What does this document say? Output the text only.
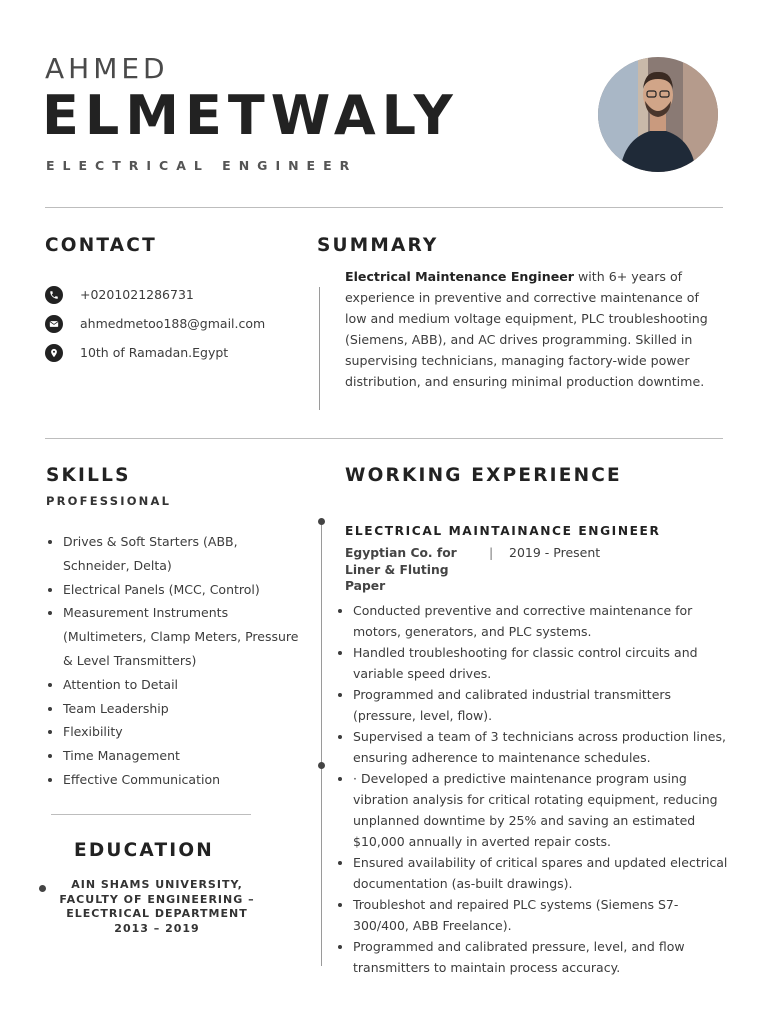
AHMED
ELMETWALY
ELECTRICAL ENGINEER
CONTACT
+0201021286731
ahmedmetoo188@gmail.com
10th of Ramadan.Egypt
SUMMARY
Electrical Maintenance Engineer with 6+ years of experience in preventive and corrective maintenance of low and medium voltage equipment, PLC troubleshooting (Siemens, ABB), and AC drives programming. Skilled in supervising technicians, managing factory-wide power distribution, and ensuring minimal production downtime.
SKILLS
PROFESSIONAL
• Drives & Soft Starters (ABB, Schneider, Delta)
• Electrical Panels (MCC, Control)
• Measurement Instruments (Multimeters, Clamp Meters, Pressure & Level Transmitters)
• Attention to Detail
• Team Leadership
• Flexibility
• Time Management
• Effective Communication
EDUCATION
AIN SHAMS UNIVERSITY,
FACULTY OF ENGINEERING –
ELECTRICAL DEPARTMENT
2013 – 2019
WORKING EXPERIENCE
ELECTRICAL MAINTAINANCE ENGINEER
Egyptian Co. for Liner & Fluting Paper
| 2019 - Present
• Conducted preventive and corrective maintenance for motors, generators, and PLC systems.
• Handled troubleshooting for classic control circuits and variable speed drives.
• Programmed and calibrated industrial transmitters (pressure, level, flow).
• Supervised a team of 3 technicians across production lines, ensuring adherence to maintenance schedules.
• · Developed a predictive maintenance program using vibration analysis for critical rotating equipment, reducing unplanned downtime by 25% and saving an estimated $10,000 annually in averted repair costs.
• Ensured availability of critical spares and updated electrical documentation (as-built drawings).
• Troubleshot and repaired PLC systems (Siemens S7-300/400, ABB Freelance).
• Programmed and calibrated pressure, level, and flow transmitters to maintain process accuracy.
